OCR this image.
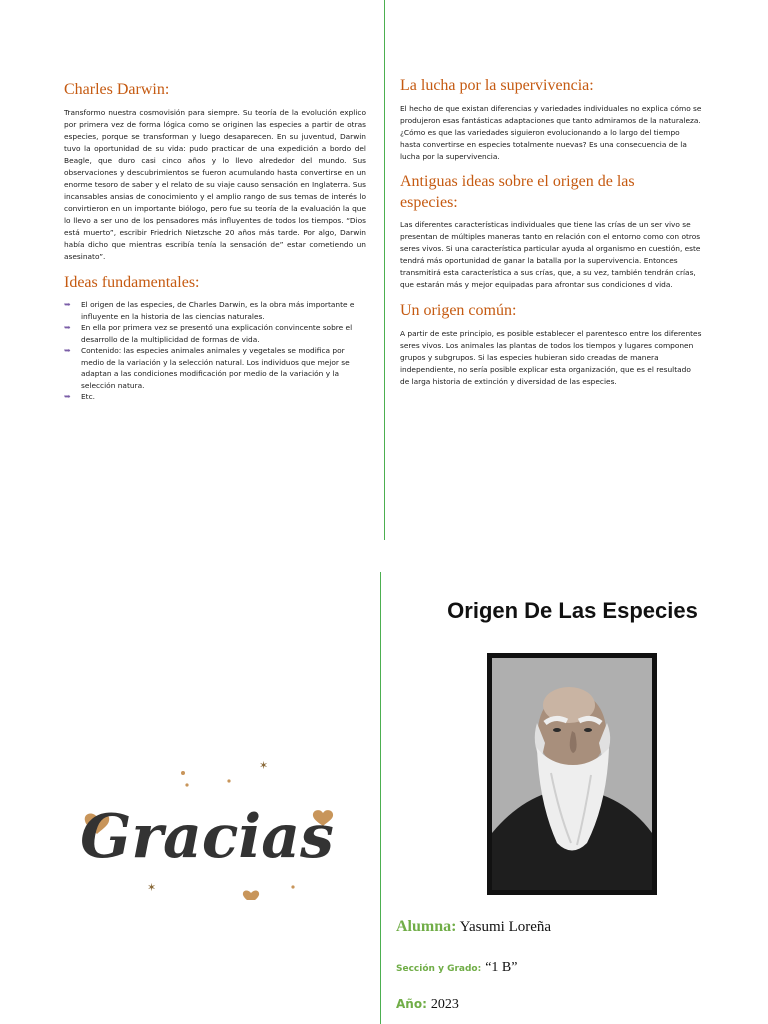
Charles Darwin:

Transformo nuestra cosmovisión para siempre. Su teoría de la evolución explico por primera vez de forma lógica como se originen las especies a partir de otras especies, porque se transforman y luego desaparecen. En su juventud, Darwin tuvo la oportunidad de su vida: pudo practicar de una expedición a bordo del Beagle, que duro casi cinco años y lo llevo alrededor del mundo. Sus observaciones y descubrimientos se fueron acumulando hasta convertirse en un enorme tesoro de saber y el relato de su viaje causo sensación en Inglaterra. Sus incansables ansias de conocimiento y el amplio rango de sus temas de interés lo convirtieron en un importante biólogo, pero fue su teoría de la evaluación la que lo llevo a ser uno de los pensadores más influyentes de todos los tiempos. “Dios está muerto”, escribir Friedrich Nietzsche 20 años más tarde. Por algo, Darwin había dicho que mientras escribía tenía la sensación de” estar cometiendo un asesinato”.

Ideas fundamentales:
➥ El origen de las especies, de Charles Darwin, es la obra más importante e influyente en la historia de las ciencias naturales.
➥ En ella por primera vez se presentó una explicación convincente sobre el desarrollo de la multiplicidad de formas de vida.
➥ Contenido: las especies animales animales y vegetales se modifica por medio de la variación y la selección natural. Los individuos que mejor se adaptan a las condiciones modificación por medio de la variación y la selección natura.
➥ Etc.
La lucha por la supervivencia:

El hecho de que existan diferencias y variedades individuales no explica cómo se produjeron esas fantásticas adaptaciones que tanto admiramos de la naturaleza. ¿Cómo es que las variedades siguieron evolucionando a lo largo del tiempo hasta convertirse en especies totalmente nuevas? Es una consecuencia de la lucha por la supervivencia.

Antiguas ideas sobre el origen de las especies:

Las diferentes características individuales que tiene las crías de un ser vivo se presentan de múltiples maneras tanto en relación con el entorno como con otros seres vivos. Si una característica particular ayuda al organismo en cuestión, este tendrá más oportunidad de ganar la batalla por la supervivencia. Entonces transmitirá esta característica a sus crías, que, a su vez, también tendrán crías, que estarán más y mejor equipadas para afrontar sus condiciones d vida.

Un origen común:

A partir de este principio, es posible establecer el parentesco entre los diferentes seres vivos. Los animales las plantas de todos los tiempos y lugares componen grupos y subgrupos. Si las especies hubieran sido creadas de manera independiente, no sería posible explicar esta organización, que es el resultado de larga historia de extinción y diversidad de las especies.

✶
✶
Gracias
Origen De Las Especies
Alumna: Yasumi Loreña
Sección y Grado: “1 B”
Año: 2023
